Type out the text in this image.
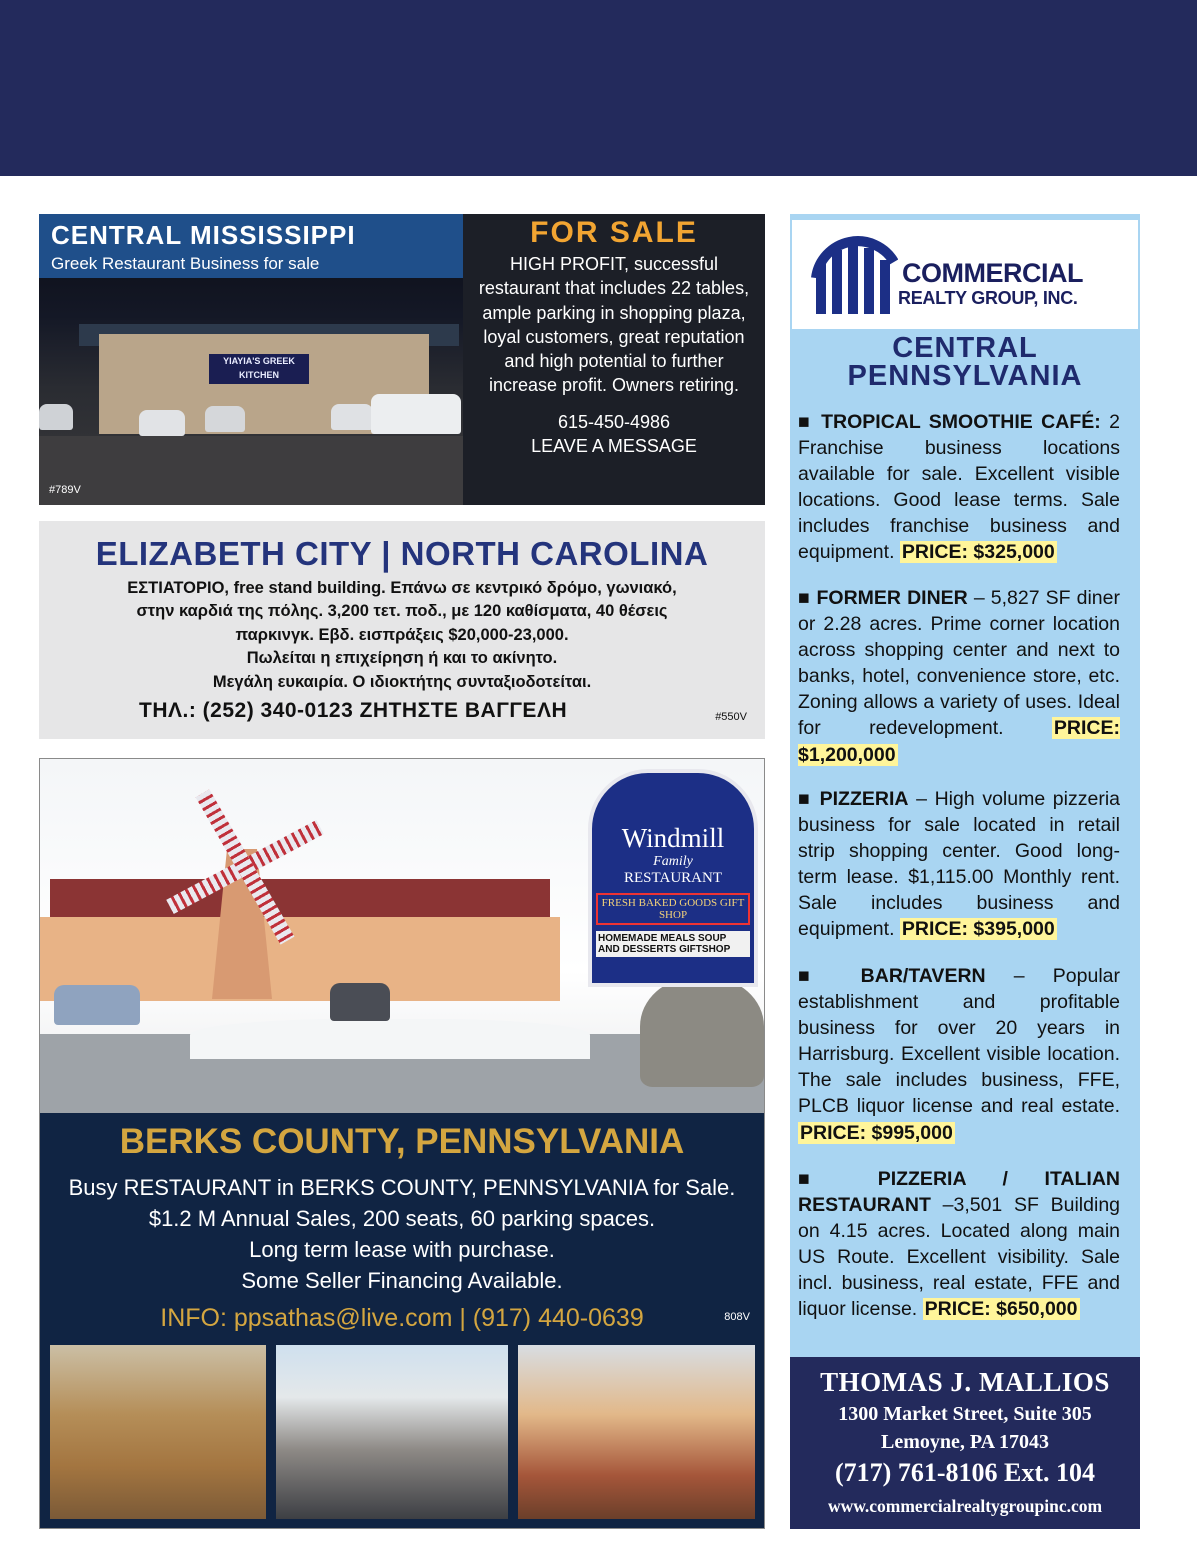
YIAYIA'S GREEK KITCHEN
CENTRAL MISSISSIPPI
Greek Restaurant Business for sale
#789V
FOR SALE
HIGH PROFIT, successful restaurant that includes 22 tables, ample parking in shopping plaza, loyal customers, great reputation and high potential to further increase profit. Owners retiring.
615-450-4986
LEAVE A MESSAGE
ELIZABETH CITY | NORTH CAROLINA
ΕΣΤΙΑΤΟΡΙΟ, free stand building. Επάνω σε κεντρικό δρόμο, γωνιακό,
στην καρδιά της πόλης. 3,200 τετ. ποδ., με 120 καθίσματα, 40 θέσεις
παρκινγκ. Εβδ. εισπράξεις $20,000-23,000.
Πωλείται η επιχείρηση ή και το ακίνητο.
Μεγάλη ευκαιρία. Ο ιδιοκτήτης συνταξιοδοτείται.
ΤΗΛ.: (252) 340-0123 ΖΗΤΗΣΤΕ ΒΑΓΓΕΛΗ	#550V
Windmill
Family
RESTAURANT
FRESH BAKED GOODS GIFT SHOP
HOMEMADE MEALS SOUP AND DESSERTS GIFTSHOP
BERKS COUNTY, PENNSYLVANIA
Busy RESTAURANT in BERKS COUNTY, PENNSYLVANIA for Sale.
$1.2 M Annual Sales, 200 seats, 60 parking spaces.
Long term lease with purchase.
Some Seller Financing Available.
INFO: ppsathas@live.com | (917) 440-0639	808V
COMMERCIAL
REALTY GROUP, INC.
CENTRAL
PENNSYLVANIA
■ TROPICAL SMOOTHIE CAFÉ: 2 Franchise business locations available for sale. Excellent visible locations. Good lease terms. Sale includes franchise business and equipment. PRICE: $325,000
■ FORMER DINER – 5,827 SF diner or 2.28 acres. Prime corner location across shopping center and next to banks, hotel, convenience store, etc. Zoning allows a variety of uses. Ideal for redevelopment.	PRICE: $1,200,000
■ PIZZERIA – High volume pizzeria business for sale located in retail strip shopping center. Good long-term lease. $1,115.00 Monthly rent. Sale includes business and equipment. PRICE: $395,000
■ BAR/TAVERN – Popular establishment and profitable business for over 20 years in Harrisburg. Excellent visible location. The sale includes business, FFE, PLCB liquor license and real estate. PRICE: $995,000
■ PIZZERIA / ITALIAN RESTAURANT –3,501 SF Building on 4.15 acres. Located along main US Route. Excellent visibility. Sale incl. business, real estate, FFE and liquor license. PRICE: $650,000
THOMAS J. MALLIOS
1300 Market Street, Suite 305
Lemoyne, PA 17043
(717) 761-8106 Ext. 104
www.commercialrealtygroupinc.com
